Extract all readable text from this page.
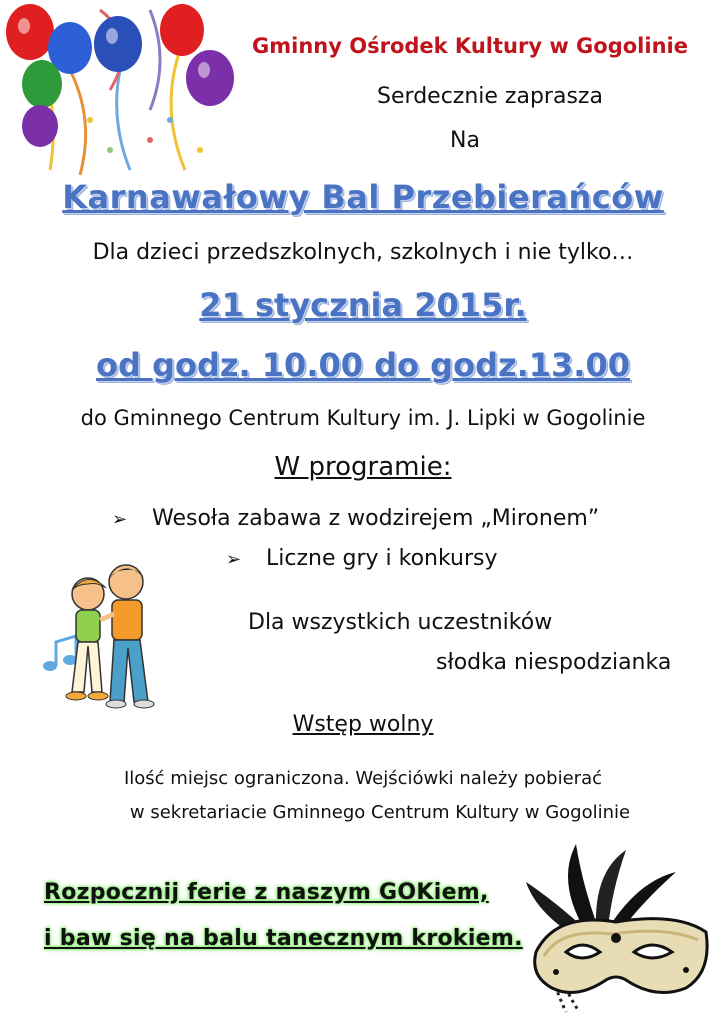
Gminny Ośrodek Kultury w Gogolinie
Serdecznie zaprasza
Na
Karnawałowy Bal Przebierańców
Dla dzieci przedszkolnych, szkolnych i nie tylko…
21 stycznia 2015r.
od godz. 10.00 do godz.13.00
do Gminnego Centrum Kultury im. J. Lipki w Gogolinie
W programie:
➢ Wesoła zabawa z wodzirejem „Mironem”
➢ Liczne gry i konkursy
Dla wszystkich uczestników
słodka niespodzianka
Wstęp wolny
Ilość miejsc ograniczona. Wejściówki należy pobierać
w sekretariacie Gminnego Centrum Kultury w Gogolinie
Rozpocznij ferie z naszym GOKiem,
i baw się na balu tanecznym krokiem.
